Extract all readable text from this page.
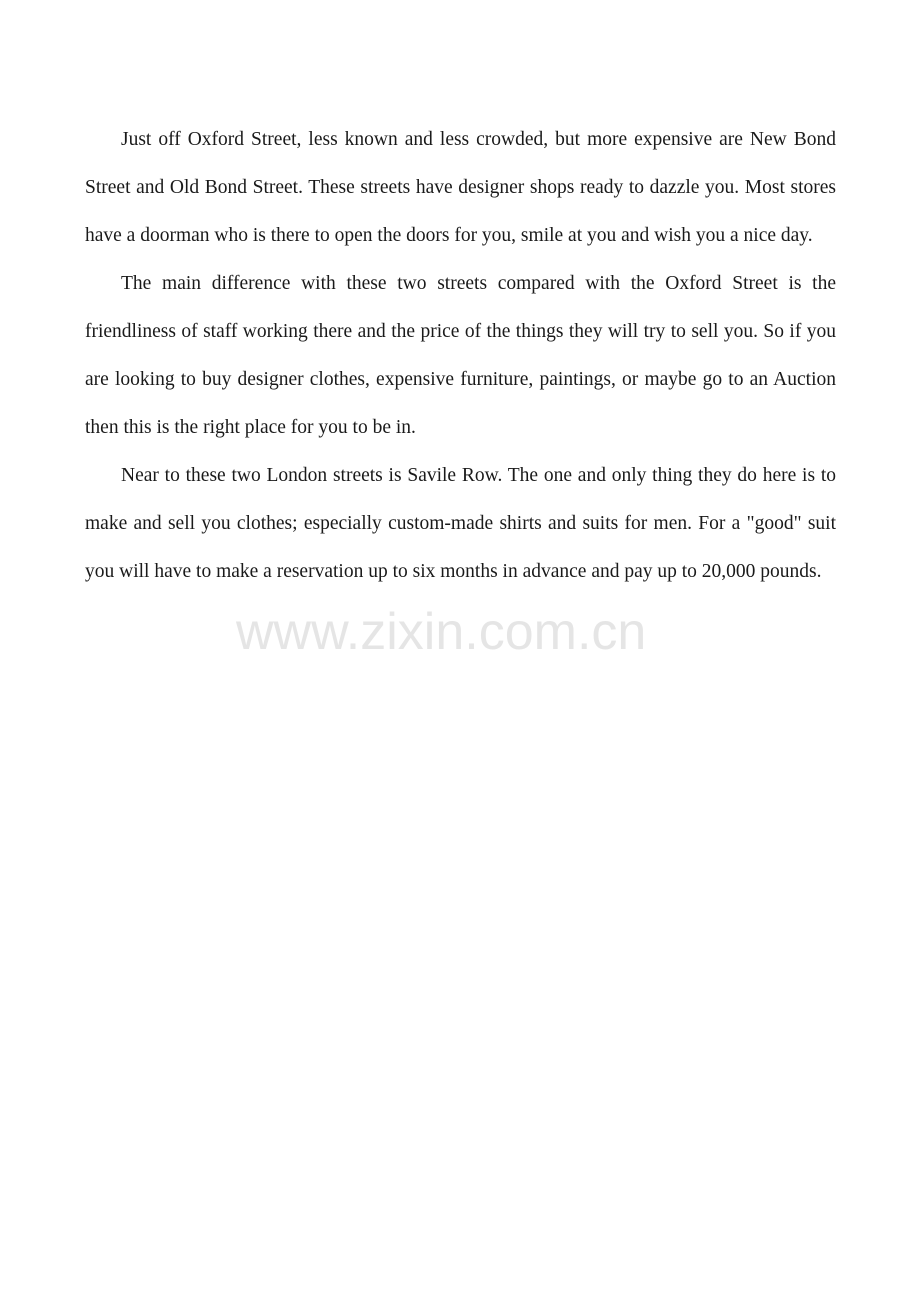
Just off Oxford Street, less known and less crowded, but more expensive are New Bond Street and Old Bond Street. These streets have designer shops ready to dazzle you. Most stores have a doorman who is there to open the doors for you, smile at you and wish you a nice day.

The main difference with these two streets compared with the Oxford Street is the friendliness of staff working there and the price of the things they will try to sell you. So if you are looking to buy designer clothes, expensive furniture, paintings, or maybe go to an Auction then this is the right place for you to be in.

Near to these two London streets is Savile Row. The one and only thing they do here is to make and sell you clothes; especially custom-made shirts and suits for men. For a "good" suit you will have to make a reservation up to six months in advance and pay up to 20,000 pounds.

www.zixin.com.cn
